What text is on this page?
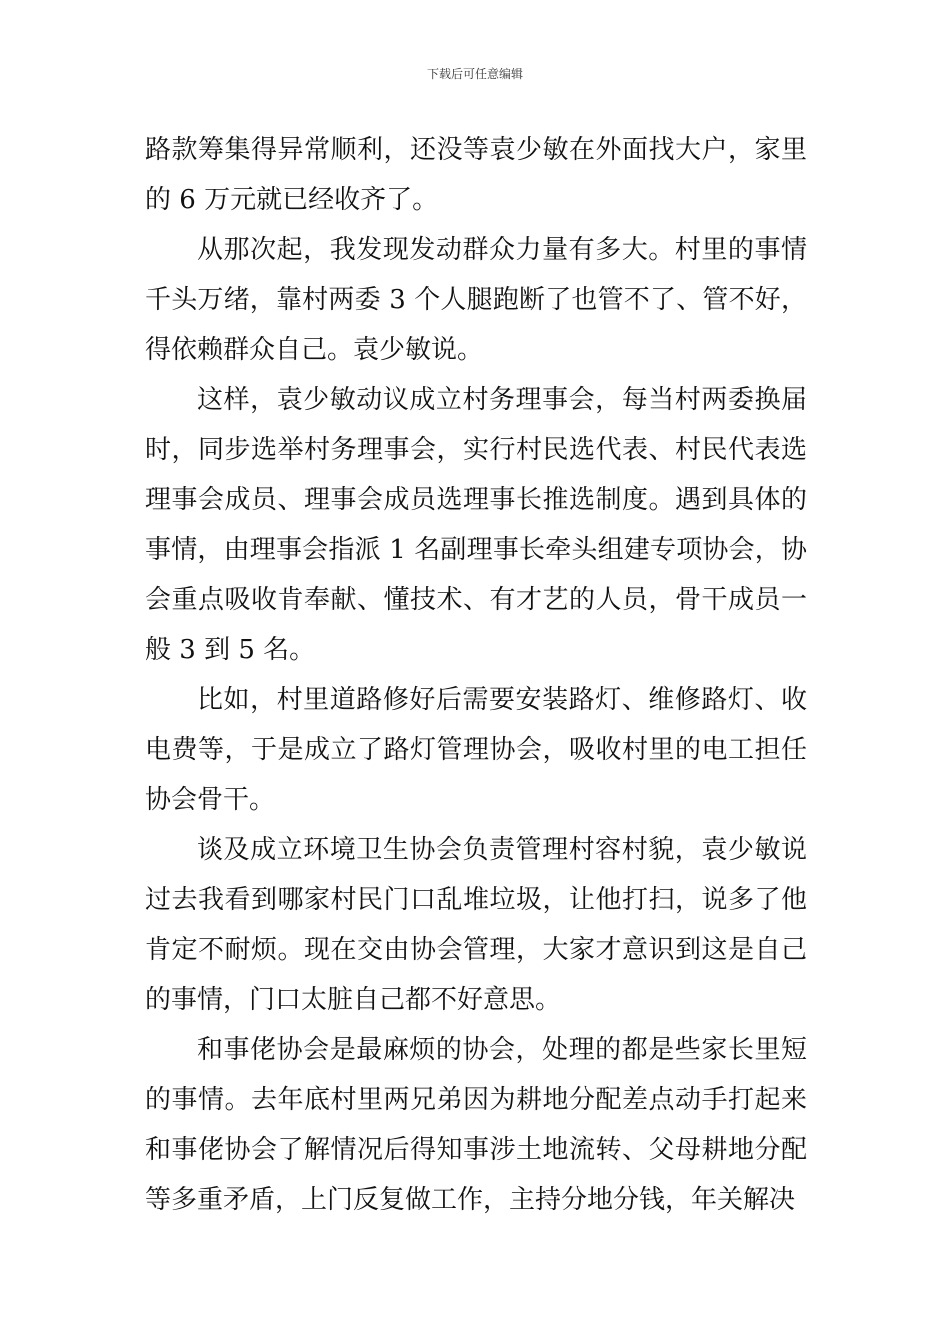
下载后可任意编辑

路款筹集得异常顺利，还没等袁少敏在外面找大户，家里的 6 万元就已经收齐了。

从那次起，我发现发动群众力量有多大。村里的事情千头万绪，靠村两委 3 个人腿跑断了也管不了、管不好，得依赖群众自己。袁少敏说。

这样，袁少敏动议成立村务理事会，每当村两委换届时，同步选举村务理事会，实行村民选代表、村民代表选理事会成员、理事会成员选理事长推选制度。遇到具体的事情，由理事会指派 1 名副理事长牵头组建专项协会，协会重点吸收肯奉献、懂技术、有才艺的人员，骨干成员一般 3 到 5 名。

比如，村里道路修好后需要安装路灯、维修路灯、收电费等，于是成立了路灯管理协会，吸收村里的电工担任协会骨干。

谈及成立环境卫生协会负责管理村容村貌，袁少敏说过去我看到哪家村民门口乱堆垃圾，让他打扫，说多了他肯定不耐烦。现在交由协会管理，大家才意识到这是自己的事情，门口太脏自己都不好意思。

和事佬协会是最麻烦的协会，处理的都是些家长里短的事情。去年底村里两兄弟因为耕地分配差点动手打起来和事佬协会了解情况后得知事涉土地流转、父母耕地分配等多重矛盾，上门反复做工作，主持分地分钱，年关解决
